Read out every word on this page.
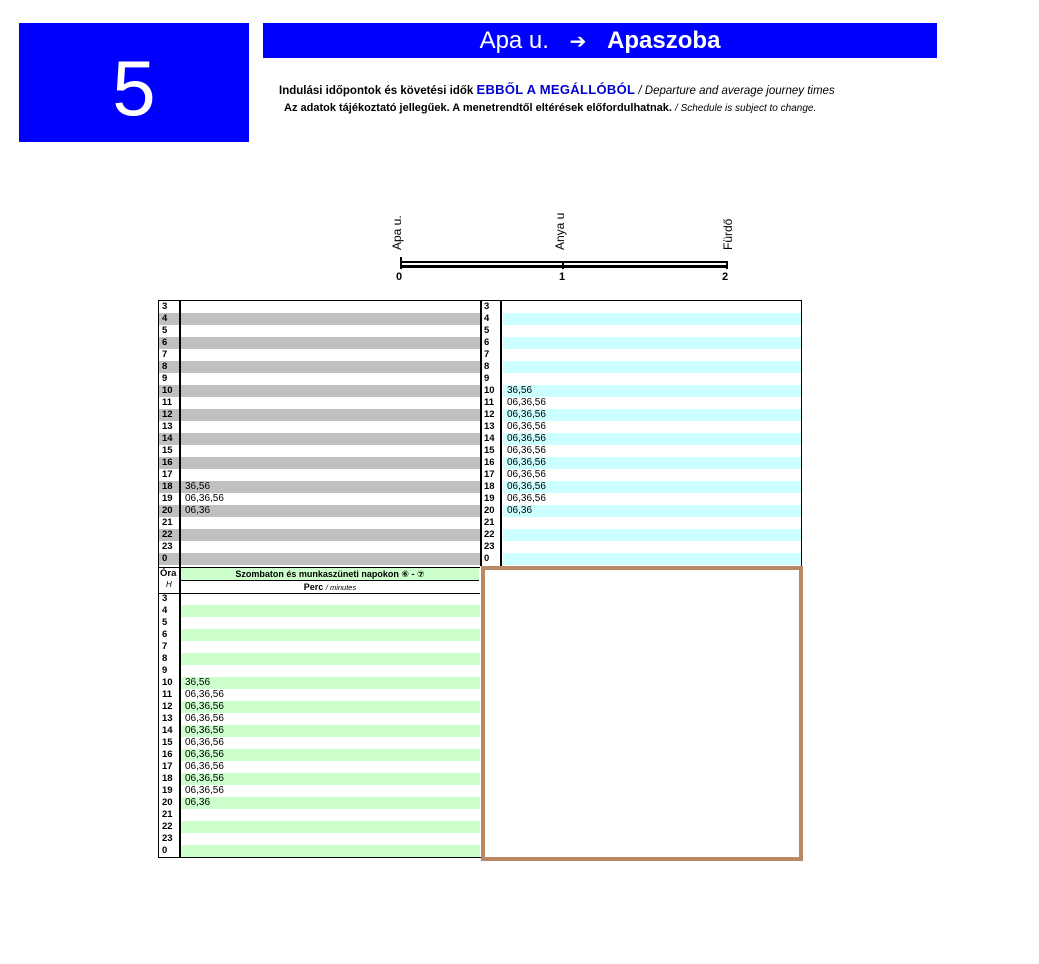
5
Apa u. ➔ Apaszoba
Indulási időpontok és követési idők EBBŐL A MEGÁLLÓBÓL / Departure and average journey times
Az adatok tájékoztató jellegűek. A menetrendtől eltérések előfordulhatnak. / Schedule is subject to change.
Apa u.	Anya u	Fürdő
0	1	2
3	
4	
5	
6	
7	
8	
9	
10	
11	
12	
13	
14	
15	
16	
17	
18	36,56
19	06,36,56
20	06,36
21	
22	
23	
0	
3	
4	
5	
6	
7	
8	
9	
10	36,56
11	06,36,56
12	06,36,56
13	06,36,56
14	06,36,56
15	06,36,56
16	06,36,56
17	06,36,56
18	06,36,56
19	06,36,56
20	06,36
21	
22	
23	
0	
Óra
H
Szombaton és munkaszüneti napokon ⑥ - ⑦
Perc / minutes
3	
4	
5	
6	
7	
8	
9	
10	36,56
11	06,36,56
12	06,36,56
13	06,36,56
14	06,36,56
15	06,36,56
16	06,36,56
17	06,36,56
18	06,36,56
19	06,36,56
20	06,36
21	
22	
23	
0	
